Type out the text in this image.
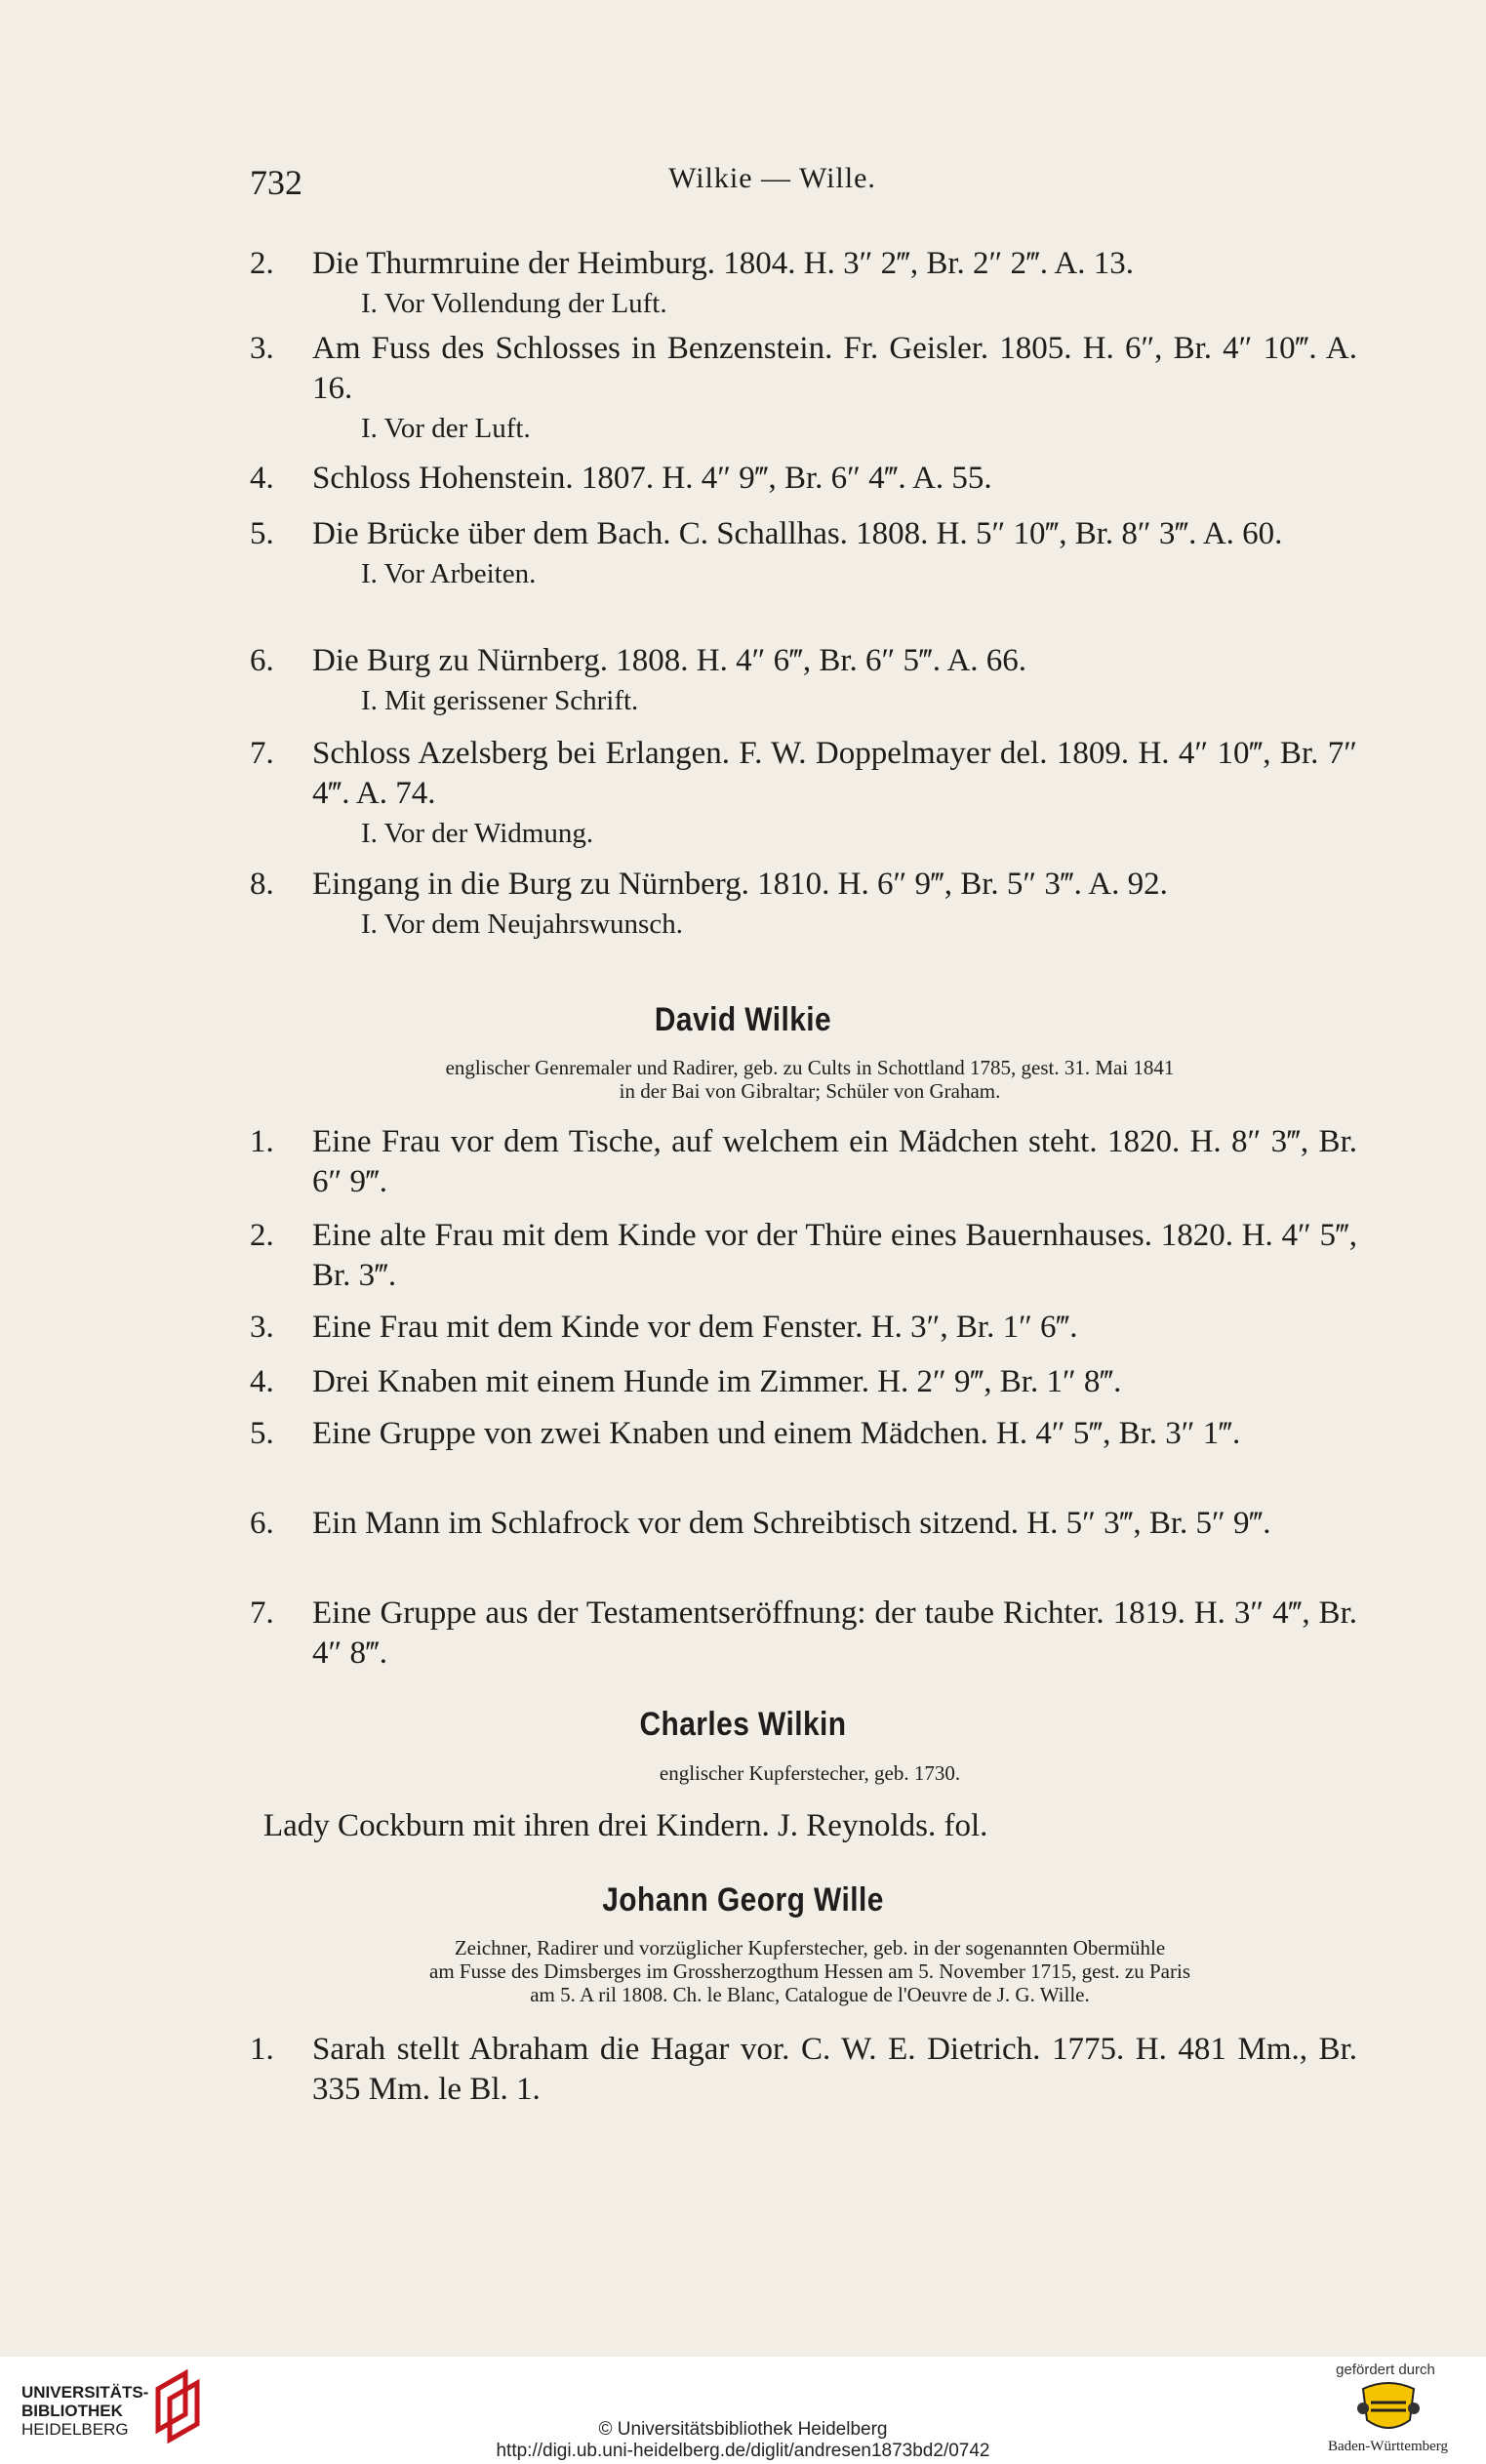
732	Wilkie — Wille.
2.	Die Thurmruine der Heimburg. 1804. H. 3″ 2‴, Br. 2″ 2‴. A. 13.
I. Vor Vollendung der Luft.
3.	Am Fuss des Schlosses in Benzenstein. Fr. Geisler. 1805. H. 6″, Br. 4″ 10‴. A. 16.
I. Vor der Luft.
4.	Schloss Hohenstein. 1807. H. 4″ 9‴, Br. 6″ 4‴. A. 55.
5.	Die Brücke über dem Bach. C. Schallhas. 1808. H. 5″ 10‴, Br. 8″ 3‴. A. 60.
I. Vor Arbeiten.
6.	Die Burg zu Nürnberg. 1808. H. 4″ 6‴, Br. 6″ 5‴. A. 66.
I. Mit gerissener Schrift.
7.	Schloss Azelsberg bei Erlangen. F. W. Doppelmayer del. 1809. H. 4″ 10‴, Br. 7″ 4‴. A. 74.
I. Vor der Widmung.
8.	Eingang in die Burg zu Nürnberg. 1810. H. 6″ 9‴, Br. 5″ 3‴. A. 92.
I. Vor dem Neujahrswunsch.
David Wilkie
englischer Genremaler und Radirer, geb. zu Cults in Schottland 1785, gest. 31. Mai 1841
in der Bai von Gibraltar; Schüler von Graham.
1.	Eine Frau vor dem Tische, auf welchem ein Mädchen steht. 1820. H. 8″ 3‴, Br. 6″ 9‴.
2.	Eine alte Frau mit dem Kinde vor der Thüre eines Bauernhauses. 1820. H. 4″ 5‴, Br. 3‴.
3.	Eine Frau mit dem Kinde vor dem Fenster. H. 3″, Br. 1″ 6‴.
4.	Drei Knaben mit einem Hunde im Zimmer. H. 2″ 9‴, Br. 1″ 8‴.
5.	Eine Gruppe von zwei Knaben und einem Mädchen. H. 4″ 5‴, Br. 3″ 1‴.
6.	Ein Mann im Schlafrock vor dem Schreibtisch sitzend. H. 5″ 3‴, Br. 5″ 9‴.
7.	Eine Gruppe aus der Testamentseröffnung: der taube Richter. 1819. H. 3″ 4‴, Br. 4″ 8‴.
Charles Wilkin
englischer Kupferstecher, geb. 1730.
Lady Cockburn mit ihren drei Kindern. J. Reynolds. fol.
Johann Georg Wille
Zeichner, Radirer und vorzüglicher Kupferstecher, geb. in der sogenannten Obermühle
am Fusse des Dimsberges im Grossherzogthum Hessen am 5. November 1715, gest. zu Paris
am 5. A ril 1808. Ch. le Blanc, Catalogue de l'Oeuvre de J. G. Wille.
1.	Sarah stellt Abraham die Hagar vor. C. W. E. Dietrich. 1775. H. 481 Mm., Br. 335 Mm. le Bl. 1.
UNIVERSITÄTS-
BIBLIOTHEK
HEIDELBERG	© Universitätsbibliothek Heidelberg
http://digi.ub.uni-heidelberg.de/diglit/andresen1873bd2/0742
gefördert durch
Baden-Württemberg
